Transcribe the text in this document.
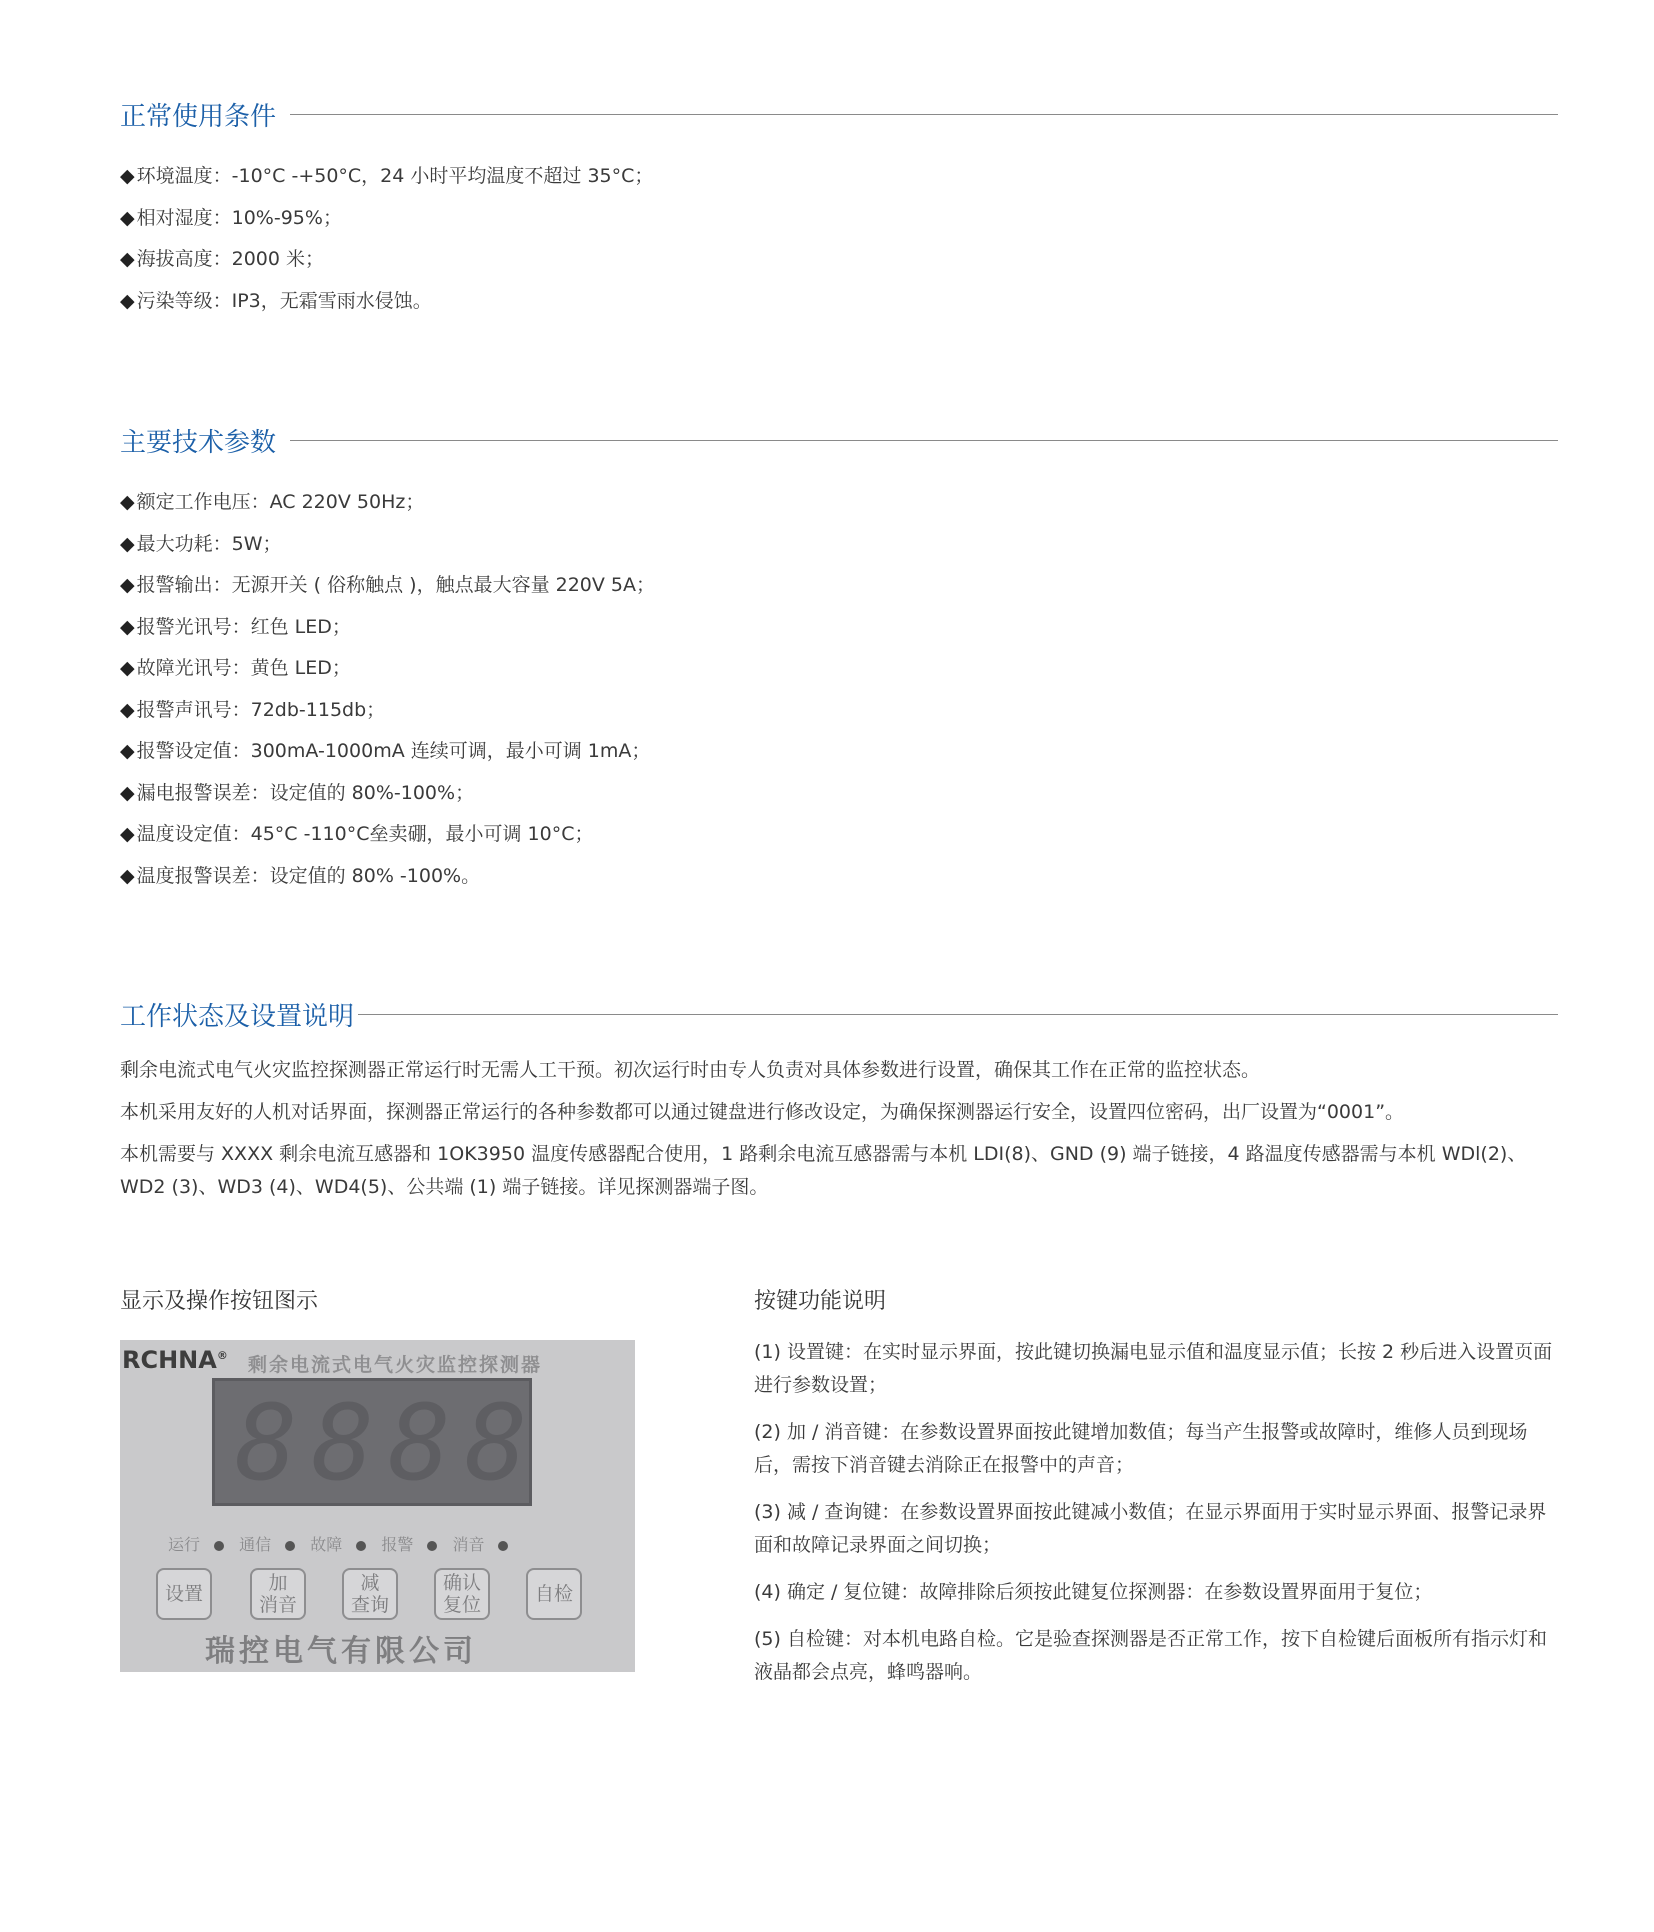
正常使用条件
◆ 环境温度：-10°C -+50°C，24 小时平均温度不超过 35°C；
◆ 相对湿度：10%-95%；
◆ 海拔高度：2000 米；
◆ 污染等级：IP3，无霜雪雨水侵蚀。
主要技术参数
◆ 额定工作电压：AC 220V 50Hz；
◆ 最大功耗：5W；
◆ 报警输出：无源开关 ( 俗称触点 )，触点最大容量 220V 5A；
◆ 报警光讯号：红色 LED；
◆ 故障光讯号：黄色 LED；
◆ 报警声讯号：72db-115db；
◆ 报警设定值：300mA-1000mA 连续可调，最小可调 1mA；
◆ 漏电报警误差：设定值的 80%-100%；
◆ 温度设定值：45°C -110°C垒卖硼，最小可调 10°C；
◆ 温度报警误差：设定值的 80% -100%。
工作状态及设置说明

剩余电流式电气火灾监控探测器正常运行时无需人工干预。初次运行时由专人负责对具体参数进行设置，确保其工作在正常的监控状态。

本机采用友好的人机对话界面，探测器正常运行的各种参数都可以通过键盘进行修改设定，为确保探测器运行安全，设置四位密码，出厂设置为“0001”。

本机需要与 XXXX 剩余电流互感器和 1OK3950 温度传感器配合使用，1 路剩余电流互感器需与本机 LDI(8)、GND (9) 端子链接，4 路温度传感器需与本机 WDl(2)、WD2 (3)、WD3 (4)、WD4(5)、公共端 (1) 端子链接。详见探测器端子图。

显示及操作按钮图示

RCHNA® 剩余电流式电气火灾监控探测器
8888
运行 通信 故障 报警 消音
设置	加
消音
减
查询
确认
复位	自检
瑞控电气有限公司

按键功能说明

(1) 设置键：在实时显示界面，按此键切换漏电显示值和温度显示值；长按 2 秒后进入设置页面进行参数设置；

(2) 加 / 消音键：在参数设置界面按此键增加数值；每当产生报警或故障时，维修人员到现场后，需按下消音键去消除正在报警中的声音；

(3) 减 / 查询键：在参数设置界面按此键减小数值；在显示界面用于实时显示界面、报警记录界面和故障记录界面之间切换；

(4) 确定 / 复位键：故障排除后须按此键复位探测器：在参数设置界面用于复位；

(5) 自检键：对本机电路自检。它是验查探测器是否正常工作，按下自检键后面板所有指示灯和液晶都会点亮，蜂鸣器响。
